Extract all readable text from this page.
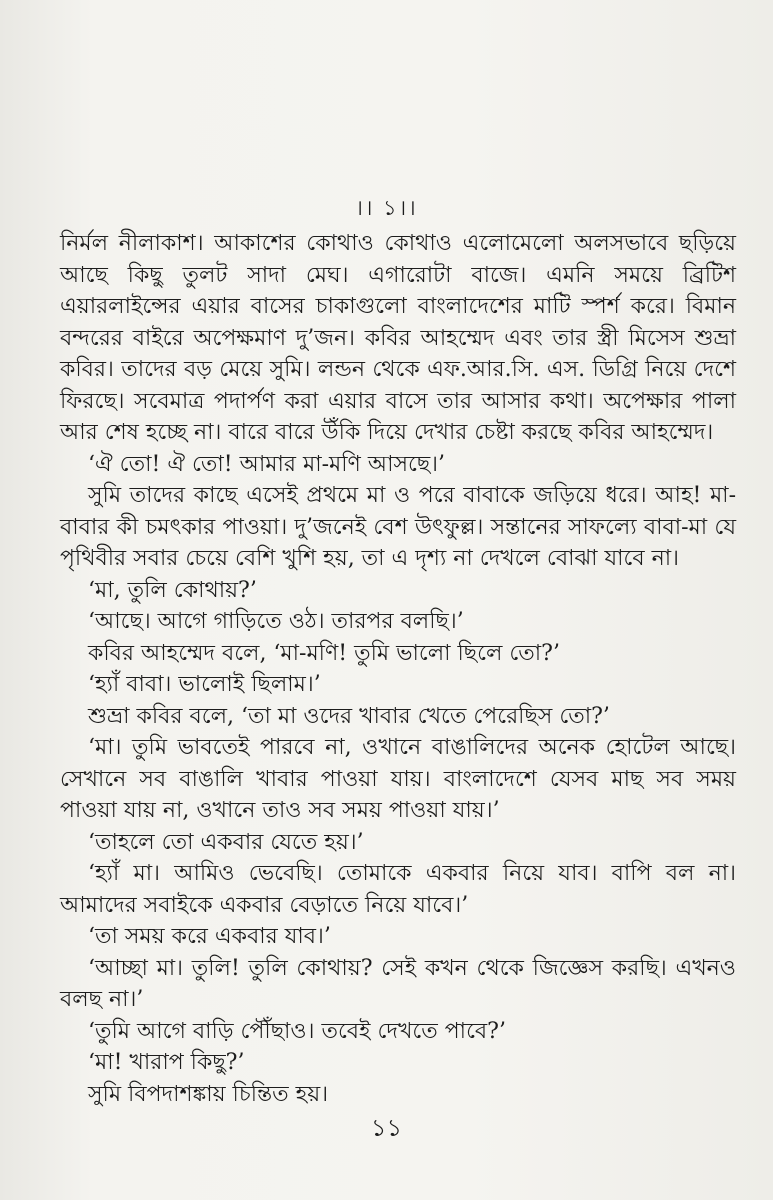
।। ১।।

নির্মল নীলাকাশ। আকাশের কোথাও কোথাও এলোমেলো অলসভাবে ছড়িয়ে আছে কিছু তুলট সাদা মেঘ। এগারোটা বাজে। এমনি সময়ে ব্রিটিশ এয়ারলাইন্সের এয়ার বাসের চাকাগুলো বাংলাদেশের মাটি স্পর্শ করে। বিমান বন্দরের বাইরে অপেক্ষমাণ দু’জন। কবির আহম্মেদ এবং তার স্ত্রী মিসেস শুভ্রা কবির। তাদের বড় মেয়ে সুমি। লন্ডন থেকে এফ.আর.সি. এস. ডিগ্রি নিয়ে দেশে ফিরছে। সবেমাত্র পদার্পণ করা এয়ার বাসে তার আসার কথা। অপেক্ষার পালা আর শেষ হচ্ছে না। বারে বারে উঁকি দিয়ে দেখার চেষ্টা করছে কবির আহম্মেদ।

‘ঐ তো! ঐ তো! আমার মা-মণি আসছে।’

সুমি তাদের কাছে এসেই প্রথমে মা ও পরে বাবাকে জড়িয়ে ধরে। আহ! মা-বাবার কী চমৎকার পাওয়া। দু’জনেই বেশ উৎফুল্ল। সন্তানের সাফল্যে বাবা-মা যে পৃথিবীর সবার চেয়ে বেশি খুশি হয়, তা এ দৃশ্য না দেখলে বোঝা যাবে না।

‘মা, তুলি কোথায়?’

‘আছে। আগে গাড়িতে ওঠ। তারপর বলছি।’

কবির আহম্মেদ বলে, ‘মা-মণি! তুমি ভালো ছিলে তো?’

‘হ্যাঁ বাবা। ভালোই ছিলাম।’

শুভ্রা কবির বলে, ‘তা মা ওদের খাবার খেতে পেরেছিস তো?’

‘মা। তুমি ভাবতেই পারবে না, ওখানে বাঙালিদের অনেক হোটেল আছে। সেখানে সব বাঙালি খাবার পাওয়া যায়। বাংলাদেশে যেসব মাছ সব সময় পাওয়া যায় না, ওখানে তাও সব সময় পাওয়া যায়।’

‘তাহলে তো একবার যেতে হয়।’

‘হ্যাঁ মা। আমিও ভেবেছি। তোমাকে একবার নিয়ে যাব। বাপি বল না। আমাদের সবাইকে একবার বেড়াতে নিয়ে যাবে।’

‘তা সময় করে একবার যাব।’

‘আচ্ছা মা। তুলি! তুলি কোথায়? সেই কখন থেকে জিজ্ঞেস করছি। এখনও বলছ না।’

‘তুমি আগে বাড়ি পৌঁছাও। তবেই দেখতে পাবে?’

‘মা! খারাপ কিছু?’

সুমি বিপদাশঙ্কায় চিন্তিত হয়।

১১
